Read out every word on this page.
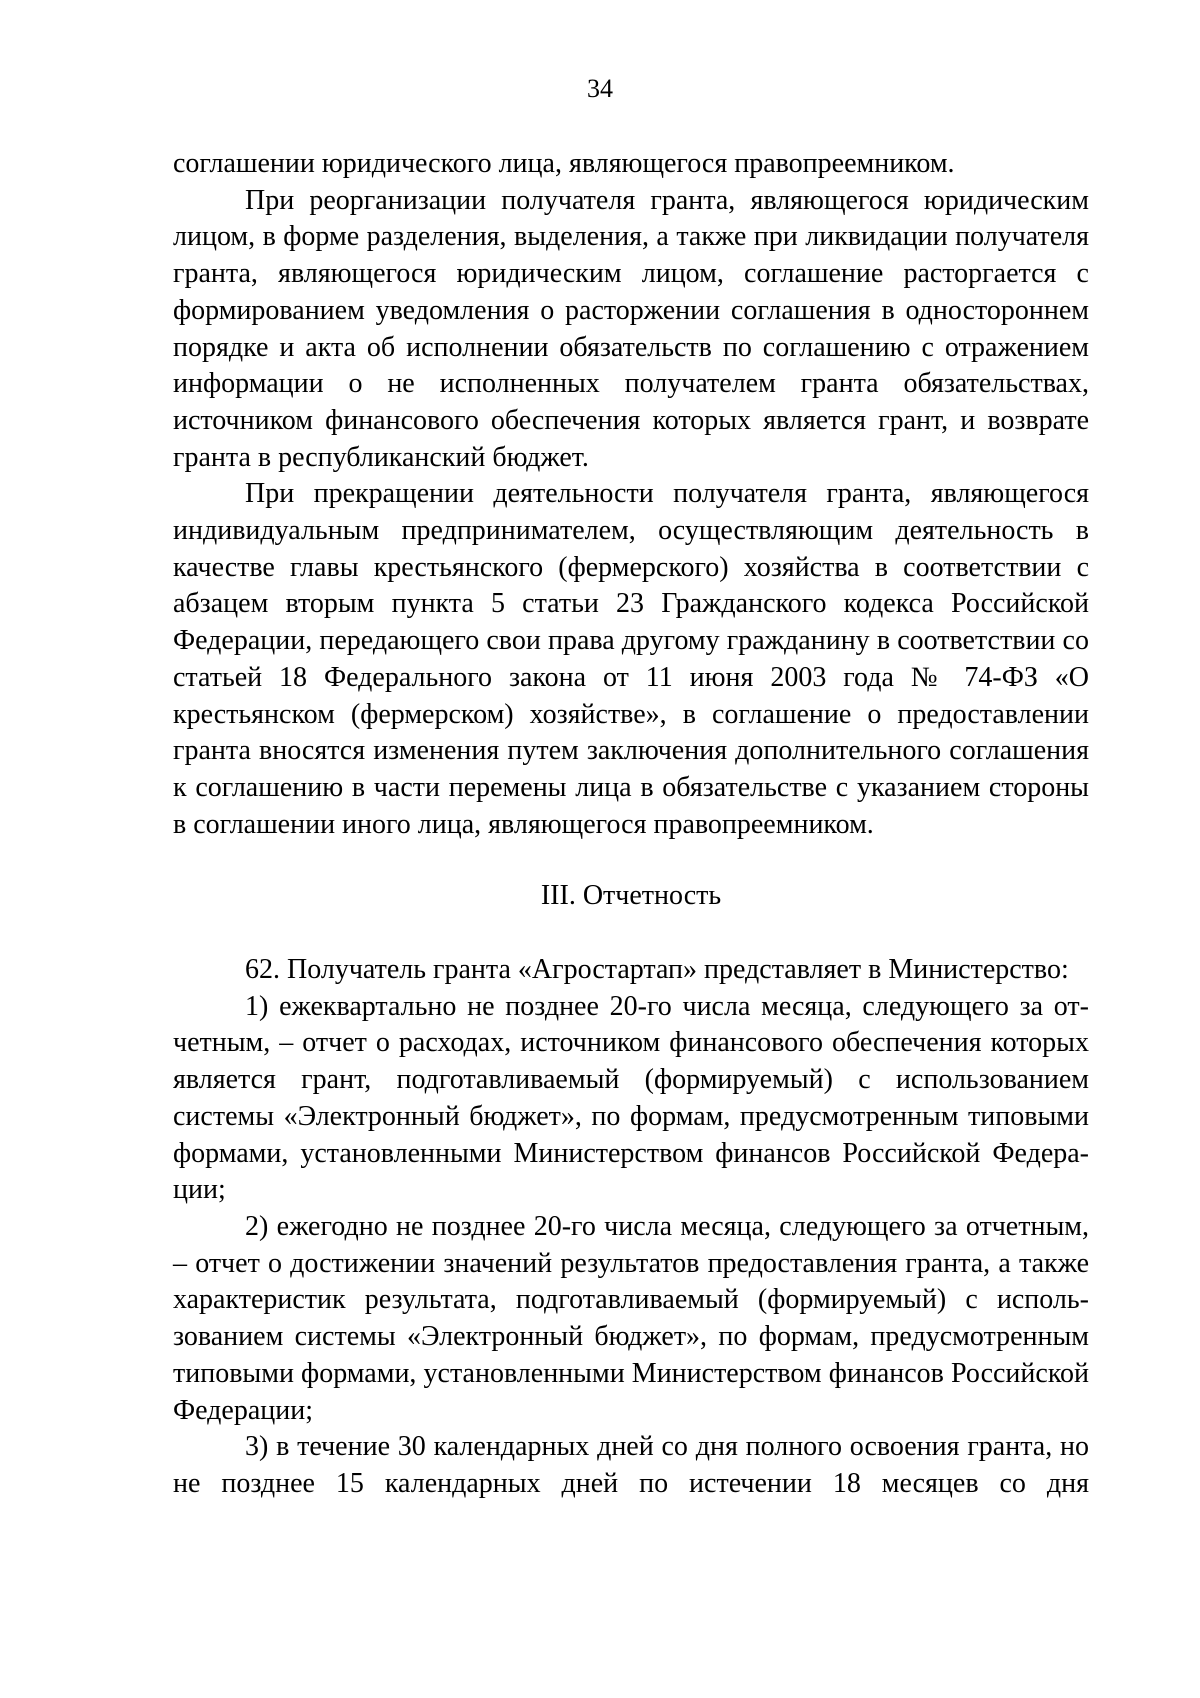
34

соглашении юридического лица, являющегося правопреемником.

При реорганизации получателя гранта, являющегося юридическим лицом, в форме разделения, выделения, а также при ликвидации получателя гранта, являющегося юридическим лицом, соглашение расторгается с формированием уведомления о расторжении соглашения в одностороннем порядке и акта об исполнении обязательств по соглашению с отражением информации о не исполненных получателем гранта обязательствах, источником финансового обеспечения которых является грант, и возврате гранта в республиканский бюджет.

При прекращении деятельности получателя гранта, являющегося индивидуальным предпринимателем, осуществляющим деятельность в качестве главы крестьянского (фермерского) хозяйства в соответствии с абзацем вторым пункта 5 статьи 23 Гражданского кодекса Российской Федерации, передающего свои права другому гражданину в соответствии со статьей 18 Федерального закона от 11 июня 2003 года № 74-ФЗ «О крестьянском (фермерском) хозяйстве», в соглашение о предоставлении гранта вносятся изменения путем заключения дополнительного соглашения к соглашению в части перемены лица в обязательстве с указанием стороны в соглашении иного лица, являющегося правопреемником.

III. Отчетность

62. Получатель гранта «Агростартап» представляет в Министерство:

1) ежеквартально не позднее 20-го числа месяца, следующего за отчетным, – отчет о расходах, источником финансового обеспечения которых является грант, подготавливаемый (формируемый) с использованием системы «Электронный бюджет», по формам, предусмотренным типовыми формами, установленными Министерством финансов Российской Федерации;

2) ежегодно не позднее 20-го числа месяца, следующего за отчетным, – отчет о достижении значений результатов предоставления гранта, а также характеристик результата, подготавливаемый (формируемый) с использованием системы «Электронный бюджет», по формам, предусмотренным типовыми формами, установленными Министерством финансов Российской Федерации;

3) в течение 30 календарных дней со дня полного освоения гранта, но не позднее 15 календарных дней по истечении 18 месяцев со дня
